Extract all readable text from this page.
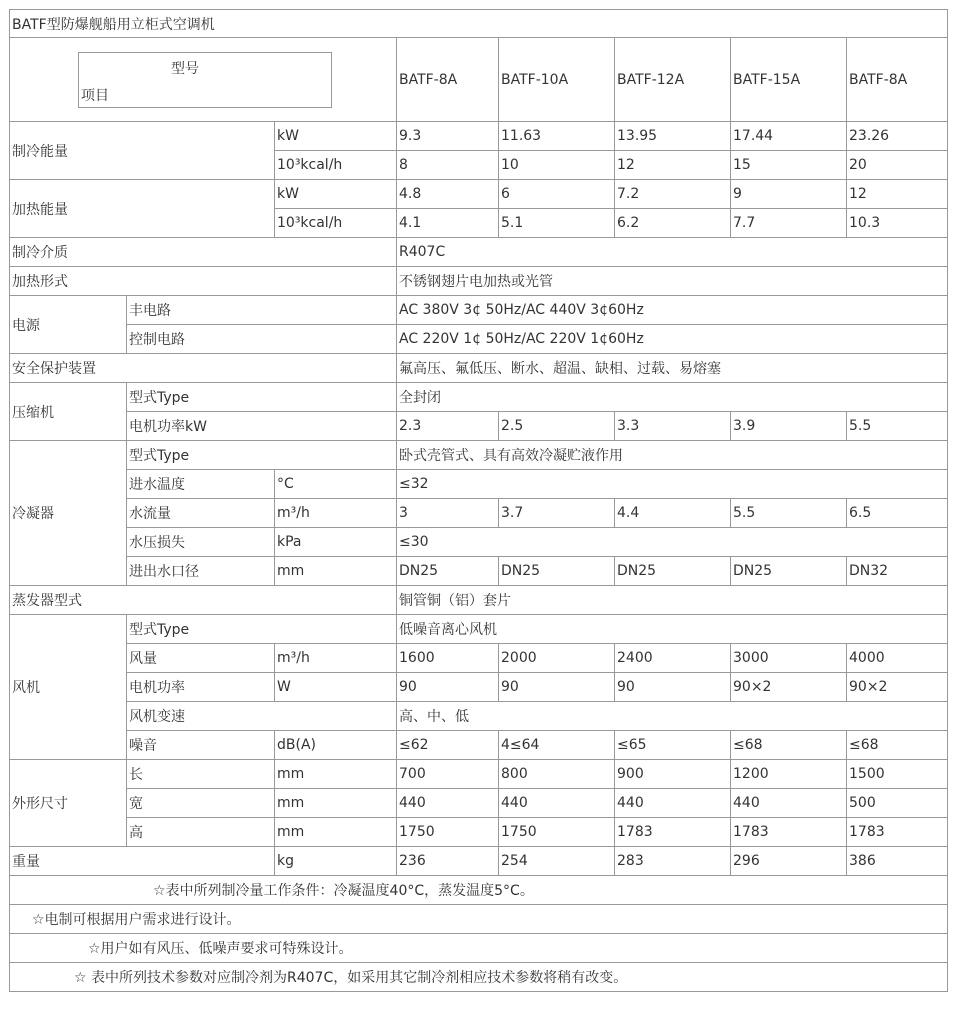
BATF型防爆舰船用立柜式空调机							

型号
项目			BATF-8A	BATF-10A	BATF-12A	BATF-15A	BATF-8A
制冷能量		kW	9.3	11.63	13.95	17.44	23.26
		10³kcal/h	8	10	12	15	20
加热能量		kW	4.8	6	7.2	9	12
		10³kcal/h	4.1	5.1	6.2	7.7	10.3
制冷介质			R407C				
加热形式			不锈钢翅片电加热或光管				
电源	丰电路		AC 380V 3¢ 50Hz/AC 440V 3¢60Hz				
	控制电路		AC 220V 1¢ 50Hz/AC 220V 1¢60Hz				
安全保护装置			氟高压、氟低压、断水、超温、缺相、过载、易熔塞				
压缩机	型式Type		全封闭				
	电机功率kW		2.3	2.5	3.3	3.9	5.5
冷凝器	型式Type		卧式壳管式、具有高效冷凝贮液作用				
	进水温度	°C	≤32				
	水流量	m³/h	3	3.7	4.4	5.5	6.5
	水压损失	kPa	≤30				
	进出水口径	mm	DN25	DN25	DN25	DN25	DN32
蒸发器型式			铜管铜（铝）套片				
风机	型式Type		低噪音离心风机				
	风量	m³/h	1600	2000	2400	3000	4000
	电机功率	W	90	90	90	90×2	90×2
	风机变速		高、中、低				
	噪音	dB(A)	≤62	4≤64	≤65	≤68	≤68
外形尺寸	长	mm	700	800	900	1200	1500
	宽	mm	440	440	440	440	500
	高	mm	1750	1750	1783	1783	1783
重量		kg	236	254	283	296	386
☆表中所列制冷量工作条件：冷凝温度40°C，蒸发温度5°C。							
☆电制可根据用户需求进行设计。							
☆用户如有风压、低噪声要求可特殊设计。							
☆ 表中所列技术参数对应制冷剂为R407C，如采用其它制冷剂相应技术参数将稍有改变。							
